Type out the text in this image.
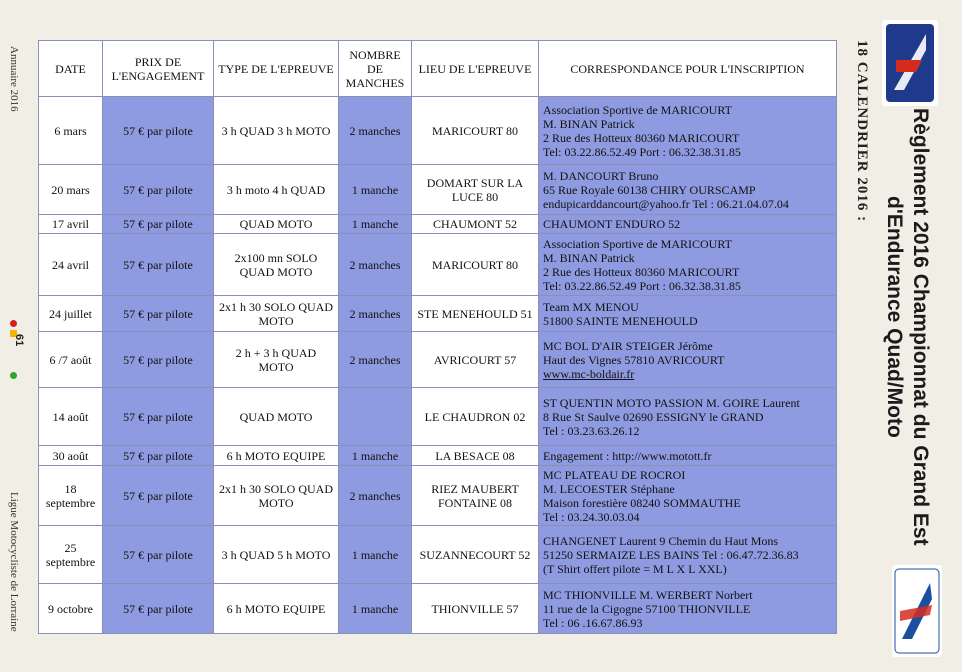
Annuaire 2016
Ligue Motocycliste de Lorraine
61
DATE	PRIX DE L'ENGAGEMENT	TYPE DE L'EPREUVE	NOMBRE DE MANCHES	LIEU DE L'EPREUVE	CORRESPONDANCE POUR L'INSCRIPTION
6 mars	57 € par pilote	3 h QUAD 3 h MOTO	2 manches	MARICOURT 80	Association Sportive de MARICOURT
M. BINAN Patrick
2 Rue des Hotteux 80360 MARICOURT
Tel: 03.22.86.52.49 Port : 06.32.38.31.85

20 mars	57 € par pilote	3 h moto 4 h QUAD	1 manche	DOMART SUR LA LUCE 80	M. DANCOURT Bruno
65 Rue Royale 60138 CHIRY OURSCAMP
endupicarddancourt@yahoo.fr Tel : 06.21.04.07.04

17 avril	57 € par pilote	QUAD MOTO	1 manche	CHAUMONT 52	CHAUMONT ENDURO 52

24 avril	57 € par pilote	2x100 mn SOLO QUAD MOTO	2 manches	MARICOURT 80	Association Sportive de MARICOURT
M. BINAN Patrick
2 Rue des Hotteux 80360 MARICOURT
Tel: 03.22.86.52.49 Port : 06.32.38.31.85

24 juillet	57 € par pilote	2x1 h 30 SOLO QUAD MOTO	2 manches	STE MENEHOULD 51	Team MX MENOU
51800 SAINTE MENEHOULD

6 /7 août	57 € par pilote	2 h + 3 h QUAD MOTO	2 manches	AVRICOURT 57	MC BOL D'AIR STEIGER Jérôme
Haut des Vignes 57810 AVRICOURT
www.mc-boldair.fr

14 août	57 € par pilote	QUAD MOTO		LE CHAUDRON 02	ST QUENTIN MOTO PASSION M. GOIRE Laurent
8 Rue St Saulve 02690 ESSIGNY le GRAND
Tel : 03.23.63.26.12

30 août	57 € par pilote	6 h MOTO EQUIPE	1 manche	LA BESACE 08	Engagement : http://www.motott.fr

18 septembre	57 € par pilote	2x1 h 30 SOLO QUAD MOTO	2 manches	RIEZ MAUBERT FONTAINE 08	MC PLATEAU DE ROCROI
M. LECOESTER Stéphane
Maison forestière 08240 SOMMAUTHE
Tel : 03.24.30.03.04

25 septembre	57 € par pilote	3 h QUAD 5 h MOTO	1 manche	SUZANNECOURT 52	CHANGENET Laurent 9 Chemin du Haut Mons
51250 SERMAIZE LES BAINS Tel : 06.47.72.36.83
(T Shirt offert pilote = M L X L XXL)

9 octobre	57 € par pilote	6 h MOTO EQUIPE	1 manche	THIONVILLE 57	MC THIONVILLE M. WERBERT Norbert
11 rue de la Cigogne 57100 THIONVILLE
Tel : 06 .16.67.86.93
18 CALENDRIER 2016 : Règlement 2016 Championnat du Grand Est
d'Endurance Quad/Moto
